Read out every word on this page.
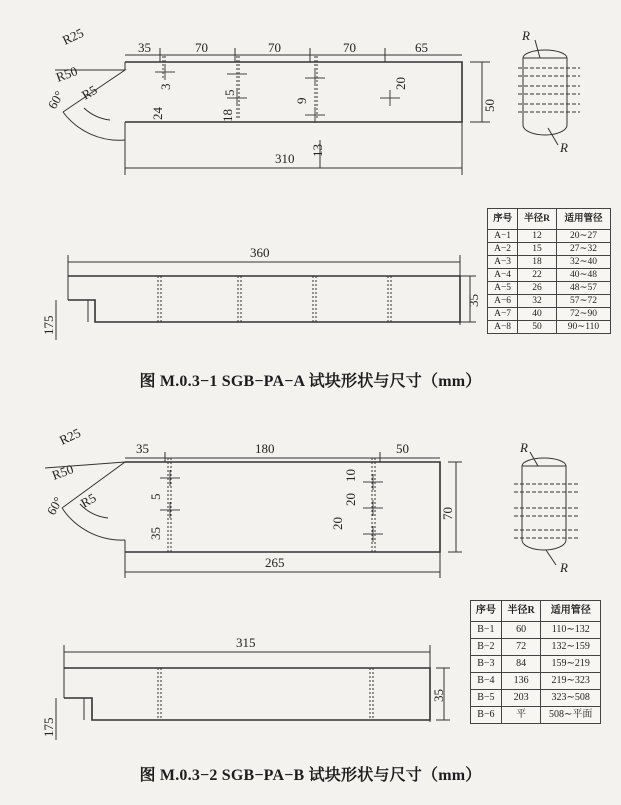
R25
R50
R5
60°
35	70	70	70	65
3
24
5
18
9
13
20
50
310
360
35
175
R
R
序号	半径R	适用管径
A−1	12	20∼27
A−2	15	27∼32
A−3	18	32∼40
A−4	22	40∼48
A−5	26	48∼57
A−6	32	57∼72
A−7	40	72∼90
A−8	50	90∼110
图 M.0.3−1 SGB−PA−A 试块形状与尺寸（mm）
R25
R50
R5
60°
35	180	50
5
35
10
20
20
70
265
315
35
175
R
R
序号	半径R	适用管径
B−1	60	110∼132
B−2	72	132∼159
B−3	84	159∼219
B−4	136	219∼323
B−5	203	323∼508
B−6	平	508∼平面
图 M.0.3−2 SGB−PA−B 试块形状与尺寸（mm）
